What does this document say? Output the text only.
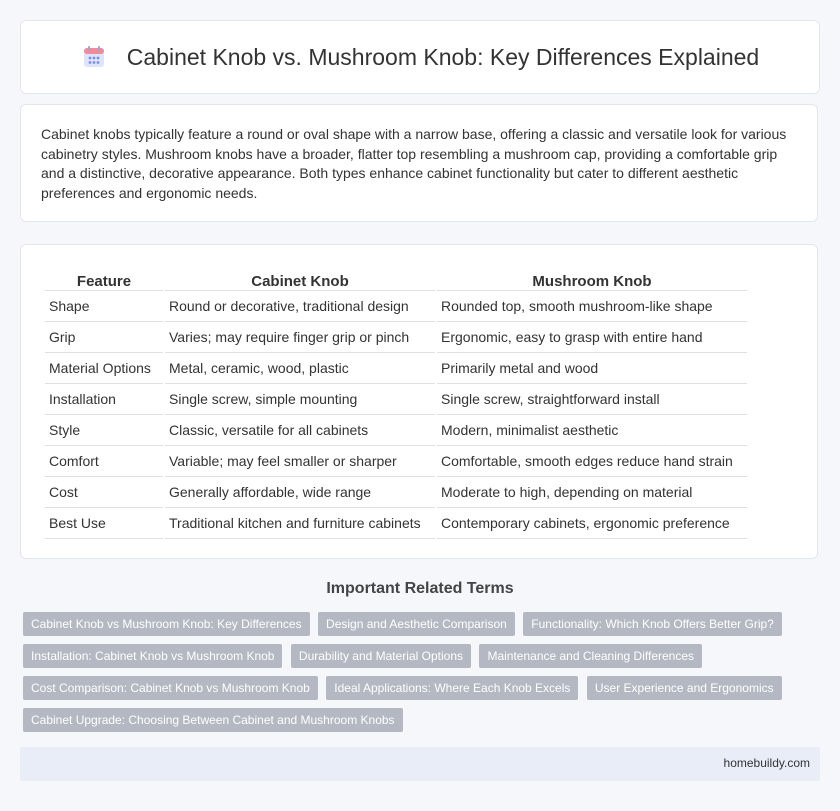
Cabinet Knob vs. Mushroom Knob: Key Differences Explained

Cabinet knobs typically feature a round or oval shape with a narrow base, offering a classic and versatile look for various cabinetry styles. Mushroom knobs have a broader, flatter top resembling a mushroom cap, providing a comfortable grip and a distinctive, decorative appearance. Both types enhance cabinet functionality but cater to different aesthetic preferences and ergonomic needs.

Feature	Cabinet Knob	Mushroom Knob
Shape	Round or decorative, traditional design	Rounded top, smooth mushroom-like shape
Grip	Varies; may require finger grip or pinch	Ergonomic, easy to grasp with entire hand
Material Options	Metal, ceramic, wood, plastic	Primarily metal and wood
Installation	Single screw, simple mounting	Single screw, straightforward install
Style	Classic, versatile for all cabinets	Modern, minimalist aesthetic
Comfort	Variable; may feel smaller or sharper	Comfortable, smooth edges reduce hand strain
Cost	Generally affordable, wide range	Moderate to high, depending on material
Best Use	Traditional kitchen and furniture cabinets	Contemporary cabinets, ergonomic preference
Important Related Terms
Cabinet Knob vs Mushroom Knob: Key Differences Design and Aesthetic Comparison Functionality: Which Knob Offers Better Grip? Installation: Cabinet Knob vs Mushroom Knob Durability and Material Options Maintenance and Cleaning Differences Cost Comparison: Cabinet Knob vs Mushroom Knob Ideal Applications: Where Each Knob Excels User Experience and Ergonomics Cabinet Upgrade: Choosing Between Cabinet and Mushroom Knobs
homebuildy.com
